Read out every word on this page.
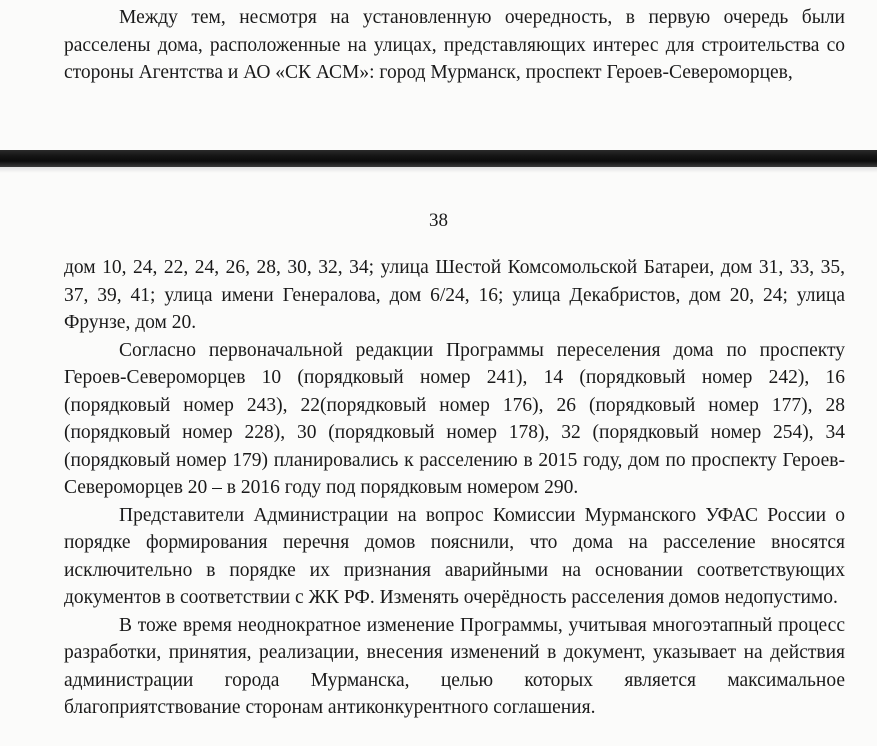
Между тем, несмотря на установленную очередность, в первую очередь были расселены дома, расположенные на улицах, представляющих интерес для строительства со стороны Агентства и АО «СК АСМ»: город Мурманск, проспект Героев-Североморцев,

38

дом 10, 24, 22, 24, 26, 28, 30, 32, 34; улица Шестой Комсомольской Батареи, дом 31, 33, 35, 37, 39, 41; улица имени Генералова, дом 6/24, 16; улица Декабристов, дом 20, 24; улица Фрунзе, дом 20.

Согласно первоначальной редакции Программы переселения дома по проспекту Героев-Североморцев 10 (порядковый номер 241), 14 (порядковый номер 242), 16 (порядковый номер 243), 22(порядковый номер 176), 26 (порядковый номер 177), 28 (порядковый номер 228), 30 (порядковый номер 178), 32 (порядковый номер 254), 34 (порядковый номер 179) планировались к расселению в 2015 году, дом по проспекту Героев-Североморцев 20 – в 2016 году под порядковым номером 290.

Представители Администрации на вопрос Комиссии Мурманского УФАС России о порядке формирования перечня домов пояснили, что дома на расселение вносятся исключительно в порядке их признания аварийными на основании соответствующих документов в соответствии с ЖК РФ. Изменять очерёдность расселения домов недопустимо.

В тоже время неоднократное изменение Программы, учитывая многоэтапный процесс разработки, принятия, реализации, внесения изменений в документ, указывает на действия администрации города Мурманска, целью которых является максимальное благоприятствование сторонам антиконкурентного соглашения.
